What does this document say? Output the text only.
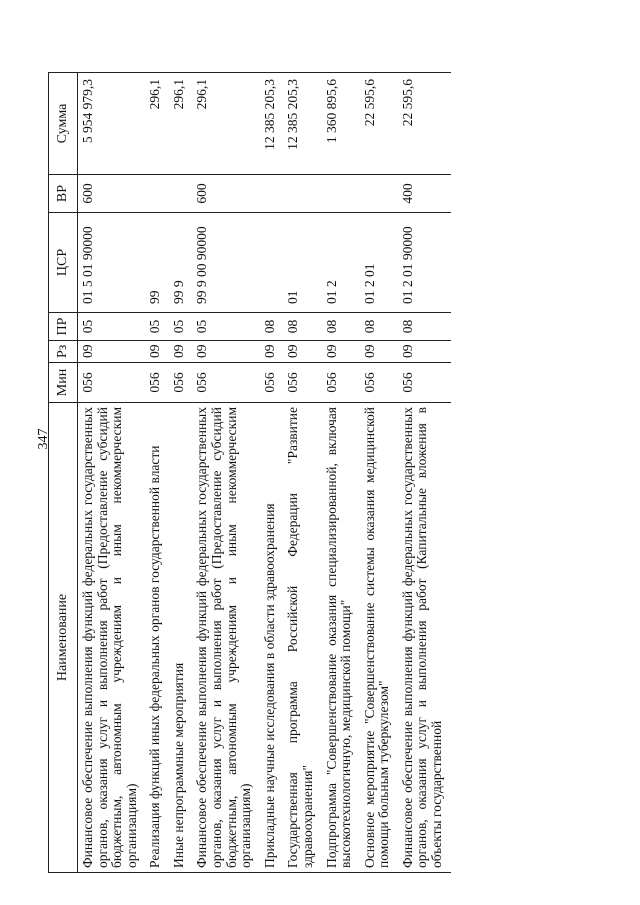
347
Наименование	Мин	Рз	ПР	ЦСР	ВР	Сумма
Финансовое обеспечение выполнения функций федеральных государственных органов, оказания услуг и выполнения работ (Предоставление субсидий бюджетным, автономным учреждениям и иным некоммерческим организациям)	056	09	05	01 5 01 90000	600	5 954 979,3
Реализация функций иных федеральных органов государственной власти	056	09	05	99		296,1
Иные непрограммные мероприятия	056	09	05	99 9		296,1
Финансовое обеспечение выполнения функций федеральных государственных органов, оказания услуг и выполнения работ (Предоставление субсидий бюджетным, автономным учреждениям и иным некоммерческим организациям)	056	09	05	99 9 00 90000	600	296,1
Прикладные научные исследования в области здравоохранения	056	09	08			12 385 205,3
Государственная программа Российской Федерации "Развитие здравоохранения"	056	09	08	01		12 385 205,3
Подпрограмма "Совершенствование оказания специализированной, включая высокотехнологичную, медицинской помощи"	056	09	08	01 2		1 360 895,6
Основное мероприятие "Совершенствование системы оказания медицинской помощи больным туберкулезом"	056	09	08	01 2 01		22 595,6
Финансовое обеспечение выполнения функций федеральных государственных органов, оказания услуг и выполнения работ (Капитальные вложения в объекты государственной	056	09	08	01 2 01 90000	400	22 595,6
